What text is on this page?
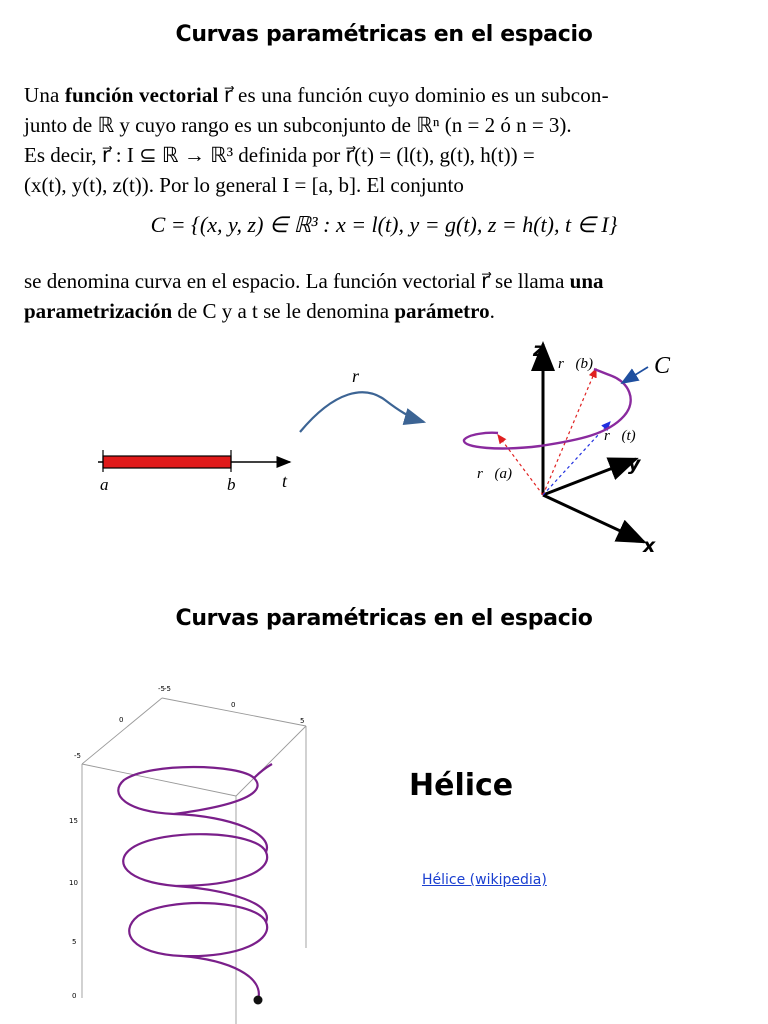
Curvas paramétricas en el espacio
Una función vectorial r⃗ es una función cuyo dominio es un subcon-
junto de ℝ y cuyo rango es un subconjunto de ℝⁿ (n = 2 ó n = 3).
Es decir, r⃗ : I ⊆ ℝ → ℝ³ definida por r⃗(t) = (l(t), g(t), h(t)) =
(x(t), y(t), z(t)). Por lo general I = [a, b]. El conjunto
C = {(x, y, z) ∈ ℝ³ : x = l(t), y = g(t), z = h(t), t ∈ I}
se denomina curva en el espacio. La función vectorial r⃗ se llama una
parametrización de C y a t se le denomina parámetro.
a	b	t
r⃗
z
y
x
r⃗(b)
r⃗(t)
r⃗(a)
C
Curvas paramétricas en el espacio
-5 -5
0
5
0
-5
15
10
5
0
Hélice
Hélice (wikipedia)
